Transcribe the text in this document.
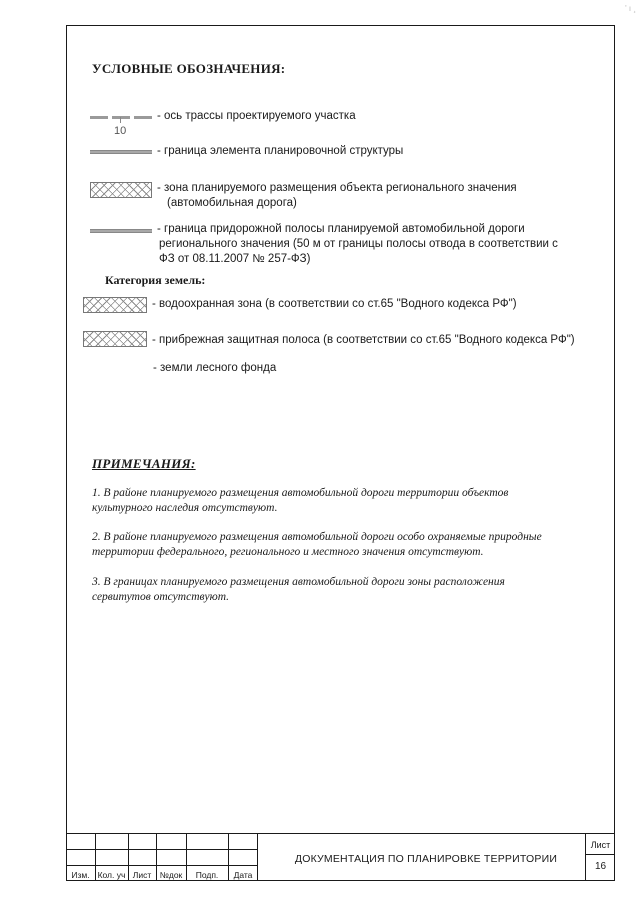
' ı ¸
УСЛОВНЫЕ ОБОЗНАЧЕНИЯ:
10
- ось трассы проектируемого участка
- граница элемента планировочной структуры
- зона планируемого размещения объекта регионального значения
(автомобильная дорога)
- граница придорожной полосы планируемой автомобильной дороги
регионального значения (50 м от границы полосы отвода в соответствии с
ФЗ от 08.11.2007 № 257-ФЗ)
Категория земель:
- водоохранная зона (в соответствии со ст.65 "Водного кодекса РФ")
- прибрежная защитная полоса (в соответствии со ст.65 "Водного кодекса РФ")
- земли лесного фонда
ПРИМЕЧАНИЯ:
1. В районе планируемого размещения автомобильной дороги территории объектов
культурного наследия отсутствуют.
2. В районе планируемого размещения автомобильной дороги особо охраняемые природные
территории федерального, регионального и местного значения отсутствуют.
3. В границах планируемого размещения автомобильной дороги зоны расположения
сервитутов отсутствуют.
Изм. Кол. уч Лист	№док	Подп.	Дата
ДОКУМЕНТАЦИЯ ПО ПЛАНИРОВКЕ ТЕРРИТОРИИ
Лист
16
